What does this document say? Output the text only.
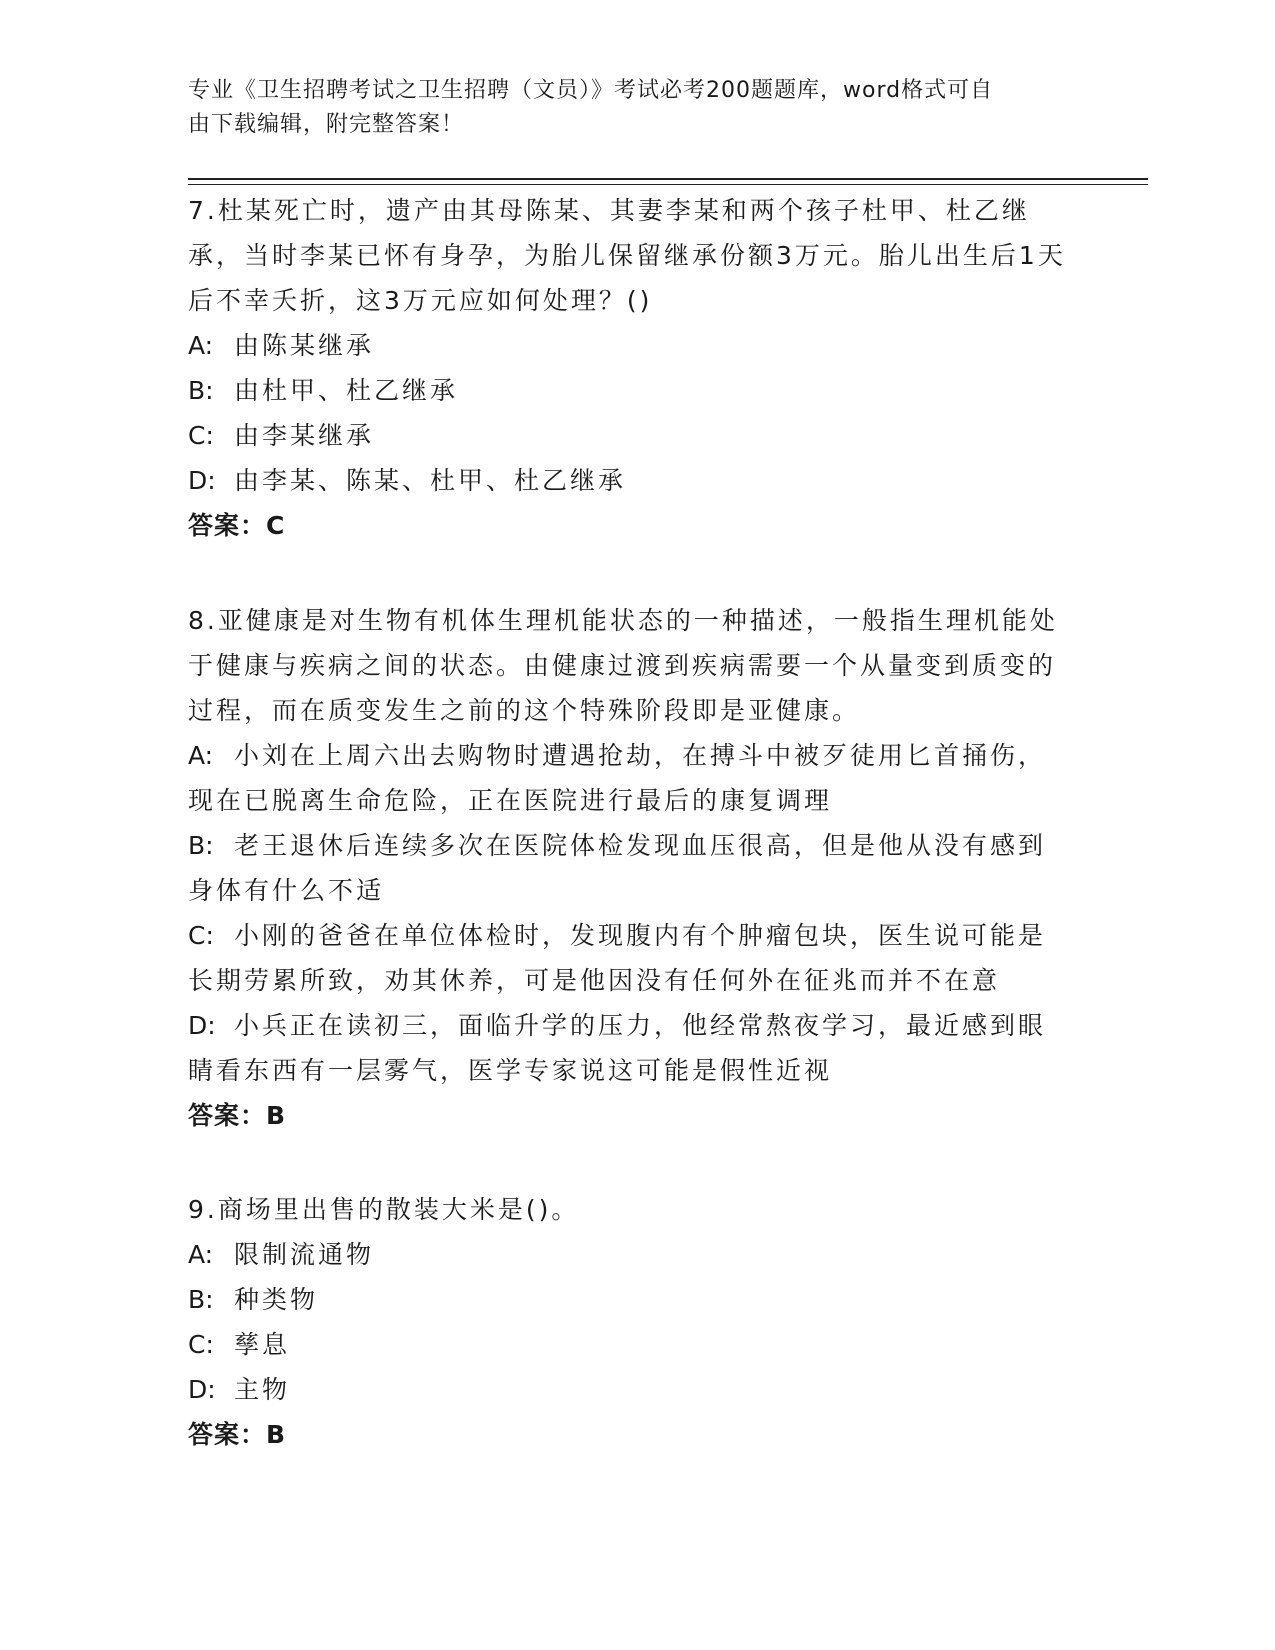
专业《卫生招聘考试之卫生招聘（文员）》考试必考200题题库，word格式可自
由下载编辑，附完整答案！
7.杜某死亡时，遗产由其母陈某、其妻李某和两个孩子杜甲、杜乙继承，当时李某已怀有身孕，为胎儿保留继承份额3万元。胎儿出生后1天后不幸夭折，这3万元应如何处理？()
A: 由陈某继承
B: 由杜甲、杜乙继承
C: 由李某继承
D: 由李某、陈某、杜甲、杜乙继承
答案：C
8.亚健康是对生物有机体生理机能状态的一种描述，一般指生理机能处于健康与疾病之间的状态。由健康过渡到疾病需要一个从量变到质变的过程，而在质变发生之前的这个特殊阶段即是亚健康。
A: 小刘在上周六出去购物时遭遇抢劫，在搏斗中被歹徒用匕首捅伤，现在已脱离生命危险，正在医院进行最后的康复调理
B: 老王退休后连续多次在医院体检发现血压很高，但是他从没有感到身体有什么不适
C: 小刚的爸爸在单位体检时，发现腹内有个肿瘤包块，医生说可能是长期劳累所致，劝其休养，可是他因没有任何外在征兆而并不在意
D: 小兵正在读初三，面临升学的压力，他经常熬夜学习，最近感到眼睛看东西有一层雾气，医学专家说这可能是假性近视
答案：B
9.商场里出售的散装大米是()。
A: 限制流通物
B: 种类物
C: 孳息
D: 主物
答案：B
